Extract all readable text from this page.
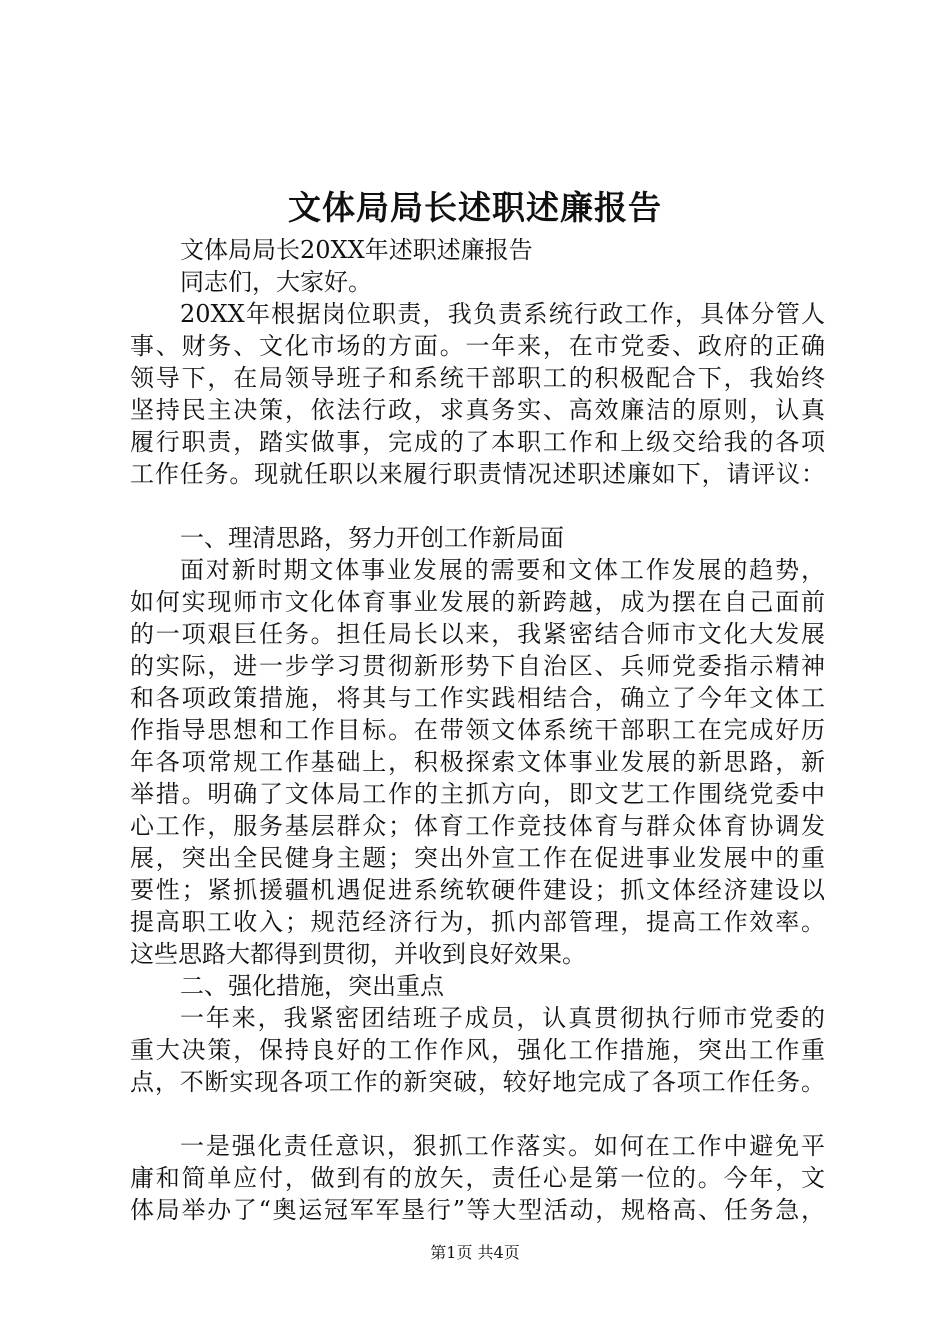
文体局局长述职述廉报告
文体局局长20XX年述职述廉报告
同志们，大家好。
20XX年根据岗位职责，我负责系统行政工作，具体分管人
事、财务、文化市场的方面。一年来，在市党委、政府的正确
领导下，在局领导班子和系统干部职工的积极配合下，我始终
坚持民主决策，依法行政，求真务实、高效廉洁的原则，认真
履行职责，踏实做事，完成的了本职工作和上级交给我的各项
工作任务。现就任职以来履行职责情况述职述廉如下，请评议：
一、理清思路，努力开创工作新局面
面对新时期文体事业发展的需要和文体工作发展的趋势，
如何实现师市文化体育事业发展的新跨越，成为摆在自己面前
的一项艰巨任务。担任局长以来，我紧密结合师市文化大发展
的实际，进一步学习贯彻新形势下自治区、兵师党委指示精神
和各项政策措施，将其与工作实践相结合，确立了今年文体工
作指导思想和工作目标。在带领文体系统干部职工在完成好历
年各项常规工作基础上，积极探索文体事业发展的新思路，新
举措。明确了文体局工作的主抓方向，即文艺工作围绕党委中
心工作，服务基层群众；体育工作竞技体育与群众体育协调发
展，突出全民健身主题；突出外宣工作在促进事业发展中的重
要性；紧抓援疆机遇促进系统软硬件建设；抓文体经济建设以
提高职工收入；规范经济行为，抓内部管理，提高工作效率。
这些思路大都得到贯彻，并收到良好效果。
二、强化措施，突出重点
一年来，我紧密团结班子成员，认真贯彻执行师市党委的
重大决策，保持良好的工作作风，强化工作措施，突出工作重
点，不断实现各项工作的新突破，较好地完成了各项工作任务。
一是强化责任意识，狠抓工作落实。如何在工作中避免平
庸和简单应付，做到有的放矢，责任心是第一位的。今年，文
体局举办了“奥运冠军军垦行”等大型活动，规格高、任务急，
第1页 共4页
